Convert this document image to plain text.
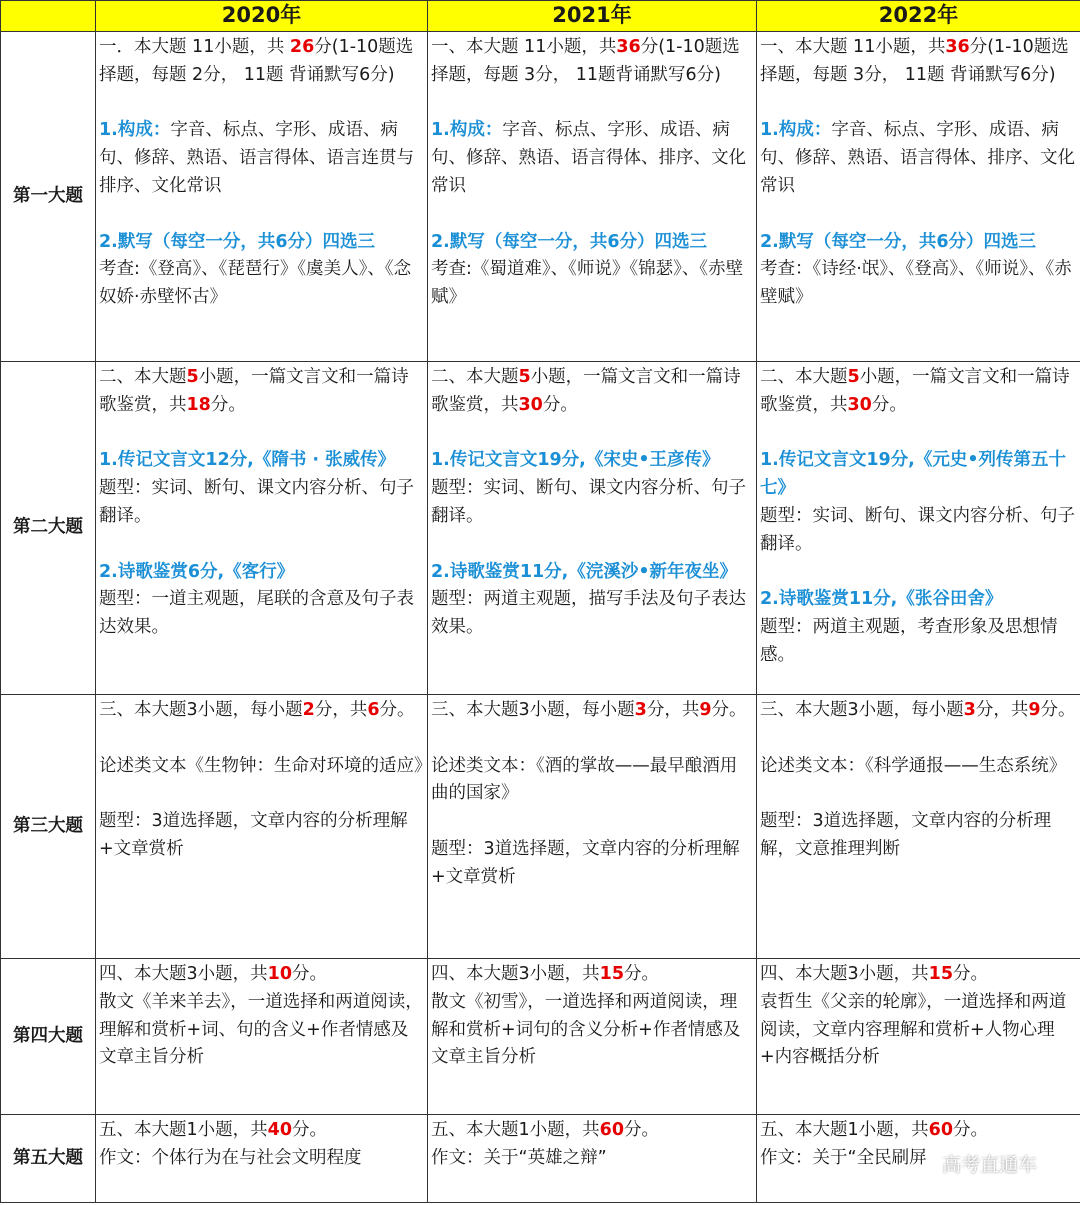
	2020年	2021年	2022年
第一大题	一．本大题 11小题，共 26分(1-10题选择题，每题 2分， 11题 背诵默写6分)
1.构成：字音、标点、字形、成语、病句、修辞、熟语、语言得体、语言连贯与排序、文化常识
2.默写（每空一分，共6分）四选三
考查:《登高》、《琵琶行》《虞美人》、《念奴娇·赤壁怀古》	一、本大题 11小题，共36分(1-10题选择题，每题 3分， 11题背诵默写6分)
1.构成：字音、标点、字形、成语、病句、修辞、熟语、语言得体、排序、文化常识
2.默写（每空一分，共6分）四选三
考查:《蜀道难》、《师说》《锦瑟》、《赤壁赋》	一、本大题 11小题，共36分(1-10题选择题，每题 3分， 11题 背诵默写6分)
1.构成：字音、标点、字形、成语、病句、修辞、熟语、语言得体、排序、文化常识
2.默写（每空一分，共6分）四选三
考查：《诗经·氓》、《登高》、《师说》、《赤壁赋》

第二大题	二、本大题5小题，一篇文言文和一篇诗歌鉴赏，共18分。
1.传记文言文12分,《隋书 · 张威传》
题型：实词、断句、课文内容分析、句子翻译。
2.诗歌鉴赏6分,《客行》
题型：一道主观题，尾联的含意及句子表达效果。	二、本大题5小题，一篇文言文和一篇诗歌鉴赏，共30分。
1.传记文言文19分,《宋史•王彦传》
题型：实词、断句、课文内容分析、句子翻译。
2.诗歌鉴赏11分,《浣溪沙•新年夜坐》
题型：两道主观题，描写手法及句子表达效果。	二、本大题5小题，一篇文言文和一篇诗歌鉴赏，共30分。
1.传记文言文19分,《元史•列传第五十七》
题型：实词、断句、课文内容分析、句子翻译。
2.诗歌鉴赏11分,《张谷田舍》
题型：两道主观题，考查形象及思想情感。

第三大题	三、本大题3小题，每小题2分，共6分。
论述类文本《生物钟：生命对环境的适应》
题型：3道选择题，文章内容的分析理解+文章赏析	三、本大题3小题，每小题3分，共9分。
论述类文本：《酒的掌故——最早酿酒用曲的国家》
题型：3道选择题，文章内容的分析理解+文章赏析	三、本大题3小题，每小题3分，共9分。
论述类文本：《科学通报——生态系统》
题型：3道选择题，文章内容的分析理解，文意推理判断

第四大题	四、本大题3小题，共10分。
散文《羊来羊去》，一道选择和两道阅读，理解和赏析+词、句的含义+作者情感及文章主旨分析	四、本大题3小题，共15分。
散文《初雪》，一道选择和两道阅读，理解和赏析+词句的含义分析+作者情感及文章主旨分析	四、本大题3小题，共15分。
袁哲生《父亲的轮廓》，一道选择和两道阅读，文章内容理解和赏析+人物心理+内容概括分析

第五大题	五、本大题1小题，共40分。
作文：个体行为在与社会文明程度	五、本大题1小题，共60分。
作文：关于“英雄之辩”	五、本大题1小题，共60分。
作文：关于“全民刷屏 高考直通车
